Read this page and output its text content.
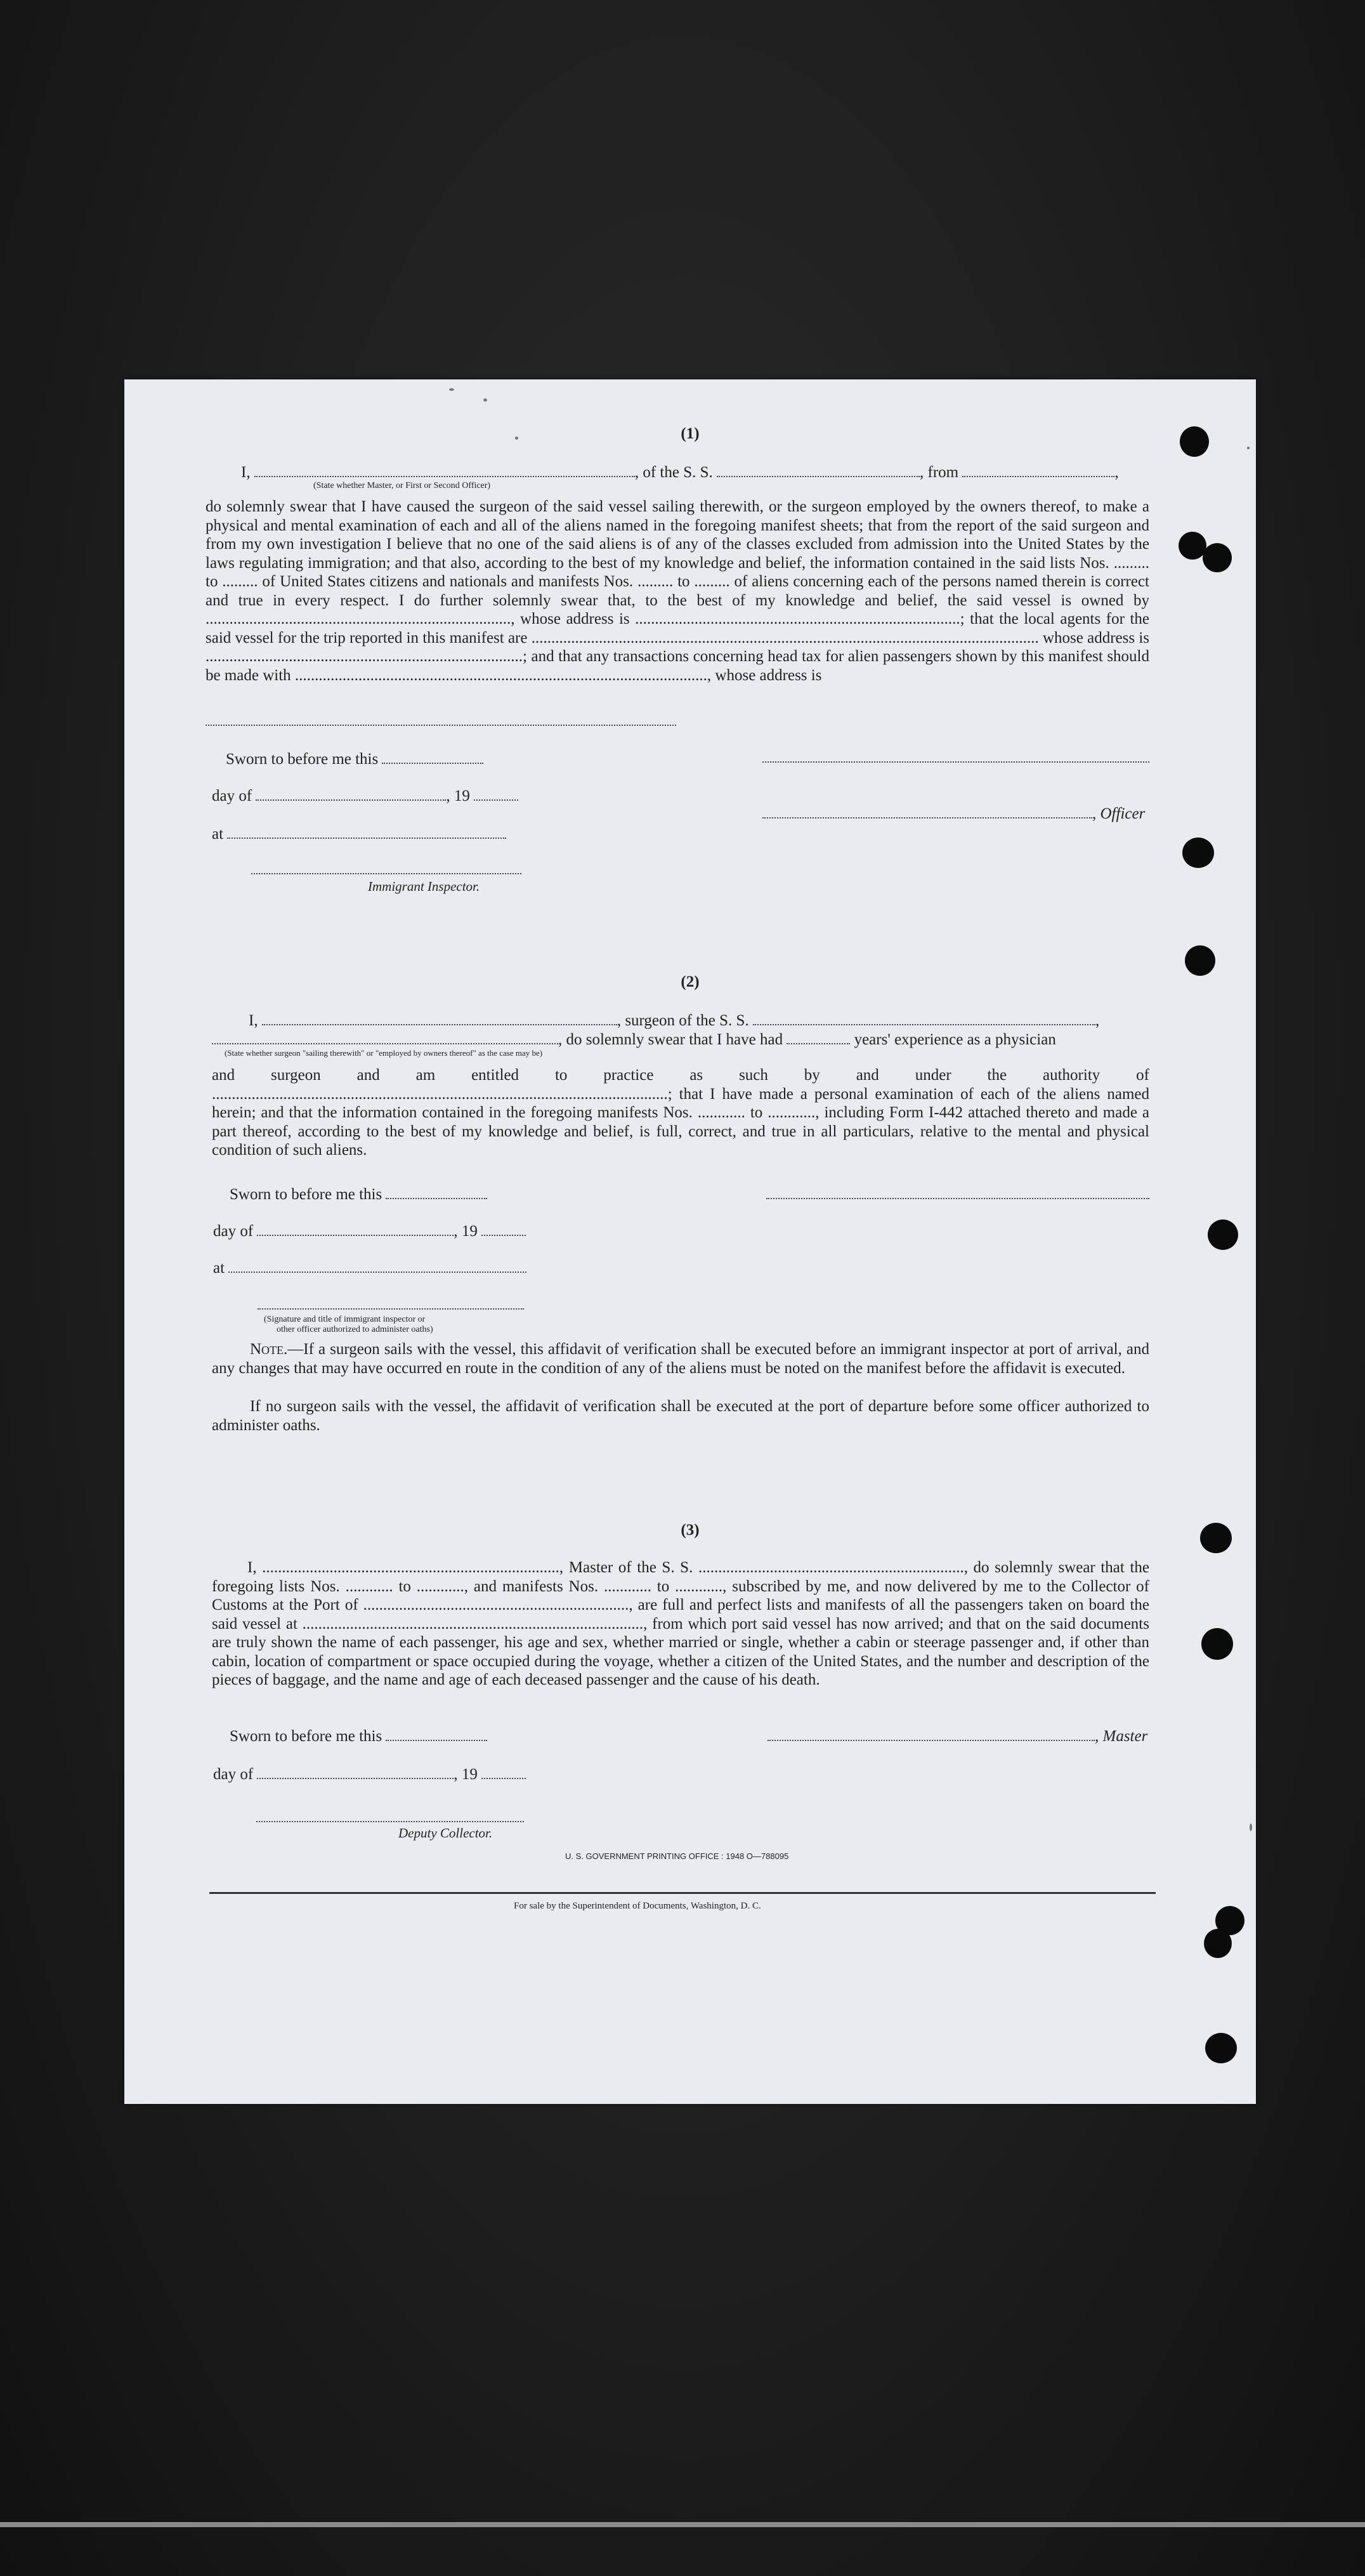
(1)
I,	, of the S. S.	, from	,
(State whether Master, or First or Second Officer)
do solemnly swear that I have caused the surgeon of the said vessel sailing therewith, or the surgeon employed by the owners thereof, to make a physical and mental examination of each and all of the aliens named in the foregoing manifest sheets; that from the report of the said surgeon and from my own investigation I believe that no one of the said aliens is of any of the classes excluded from admission into the United States by the laws regulating immigration; and that also, according to the best of my knowledge and belief, the information contained in the said lists Nos. ......... to ......... of United States citizens and nationals and manifests Nos. ......... to ......... of aliens concerning each of the persons named therein is correct and true in every respect. I do further solemnly swear that, to the best of my knowledge and belief, the said vessel is owned by ............................................................................., whose address is ..................................................................................; that the local agents for the said vessel for the trip reported in this manifest are ................................................................................................................................ whose address is ................................................................................; and that any transactions concerning head tax for alien passengers shown by this manifest should be made with ........................................................................................................, whose address is
Sworn to before me this
day of	, 19
, Officer
at
Immigrant Inspector.
(2)
I,	, surgeon of the S. S.	,
, do solemnly swear that I have had	years' experience as a physician
(State whether surgeon "sailing therewith" or "employed by owners thereof" as the case may be)
and surgeon and am entitled to practice as such by and under the authority of ...................................................................................................................; that I have made a personal examination of each of the aliens named herein; and that the information contained in the foregoing manifests Nos. ............ to ............, including Form I-442 attached thereto and made a part thereof, according to the best of my knowledge and belief, is full, correct, and true in all particulars, relative to the mental and physical condition of such aliens.
Sworn to before me this
day of	, 19
at
(Signature and title of immigrant inspector or
other officer authorized to administer oaths)
Note.—If a surgeon sails with the vessel, this affidavit of verification shall be executed before an immigrant inspector at port of arrival, and any changes that may have occurred en route in the condition of any of the aliens must be noted on the manifest before the affidavit is executed.
If no surgeon sails with the vessel, the affidavit of verification shall be executed at the port of departure before some officer authorized to administer oaths.
(3)
I, ..........................................................................., Master of the S. S. ..................................................................., do solemnly swear that the foregoing lists Nos. ............ to ............, and manifests Nos. ............ to ............, subscribed by me, and now delivered by me to the Collector of Customs at the Port of ..................................................................., are full and perfect lists and manifests of all the passengers taken on board the said vessel at ......................................................................................, from which port said vessel has now arrived; and that on the said documents are truly shown the name of each passenger, his age and sex, whether married or single, whether a cabin or steerage passenger and, if other than cabin, location of compartment or space occupied during the voyage, whether a citizen of the United States, and the number and description of the pieces of baggage, and the name and age of each deceased passenger and the cause of his death.
Sworn to before me this	, Master
day of	, 19
Deputy Collector.
U. S. GOVERNMENT PRINTING OFFICE : 1948 O—788095
For sale by the Superintendent of Documents, Washington, D. C.
